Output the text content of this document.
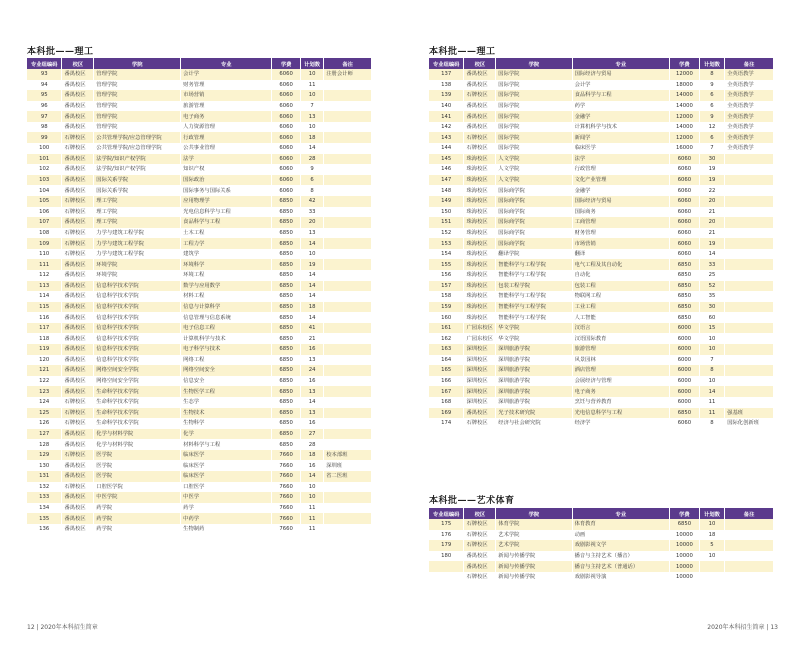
本科批——理工
专业组编码	校区	学院	专业	学费	计划数	备注
93	番禺校区	管理学院	会计学	6060	10	注册会计师
94	番禺校区	管理学院	财务管理	6060	11	
95	番禺校区	管理学院	市场营销	6060	10	
96	番禺校区	管理学院	旅游管理	6060	7	
97	番禺校区	管理学院	电子商务	6060	13	
98	番禺校区	管理学院	人力资源管理	6060	10	
99	石牌校区	公共管理学院/应急管理学院	行政管理	6060	18	
100	石牌校区	公共管理学院/应急管理学院	公共事业管理	6060	14	
101	番禺校区	法学院/知识产权学院	法学	6060	28	
102	番禺校区	法学院/知识产权学院	知识产权	6060	9	
103	番禺校区	国际关系学院	国际政治	6060	6	
104	番禺校区	国际关系学院	国际事务与国际关系	6060	8	
105	石牌校区	理工学院	应用物理学	6850	42	
106	石牌校区	理工学院	光电信息科学与工程	6850	33	
107	番禺校区	理工学院	食品科学与工程	6850	20	
108	石牌校区	力学与建筑工程学院	土木工程	6850	13	
109	石牌校区	力学与建筑工程学院	工程力学	6850	14	
110	石牌校区	力学与建筑工程学院	建筑学	6850	10	
111	番禺校区	环境学院	环境科学	6850	19	
112	番禺校区	环境学院	环境工程	6850	14	
113	番禺校区	信息科学技术学院	数学与应用数学	6850	14	
114	番禺校区	信息科学技术学院	材料工程	6850	14	
115	番禺校区	信息科学技术学院	信息与计算科学	6850	18	
116	番禺校区	信息科学技术学院	信息管理与信息系统	6850	14	
117	番禺校区	信息科学技术学院	电子信息工程	6850	41	
118	番禺校区	信息科学技术学院	计算机科学与技术	6850	21	
119	番禺校区	信息科学技术学院	电子科学与技术	6850	16	
120	番禺校区	信息科学技术学院	网络工程	6850	13	
121	番禺校区	网络空间安全学院	网络空间安全	6850	24	
122	番禺校区	网络空间安全学院	信息安全	6850	16	
123	番禺校区	生命科学技术学院	生物医学工程	6850	13	
124	石牌校区	生命科学技术学院	生态学	6850	14	
125	石牌校区	生命科学技术学院	生物技术	6850	13	
126	石牌校区	生命科学技术学院	生物科学	6850	16	
127	番禺校区	化学与材料学院	化学	6850	27	
128	番禺校区	化学与材料学院	材料科学与工程	6850	28	
129	石牌校区	医学院	临床医学	7660	18	校本部班
130	番禺校区	医学院	临床医学	7660	16	深圳班
131	番禺校区	医学院	临床医学	7660	14	省二医班
132	石牌校区	口腔医学院	口腔医学	7660	10	
133	番禺校区	中医学院	中医学	7660	10	
134	番禺校区	药学院	药学	7660	11	
135	番禺校区	药学院	中药学	7660	11	
136	番禺校区	药学院	生物制药	7660	11	
12 | 2020年本科招生简章
本科批——理工
专业组编码	校区	学院	专业	学费	计划数	备注
137	番禺校区	国际学院	国际经济与贸易	12000	8	全英语教学
138	番禺校区	国际学院	会计学	18000	9	全英语教学
139	石牌校区	国际学院	食品科学与工程	14000	6	全英语教学
140	番禺校区	国际学院	药学	14000	6	全英语教学
141	番禺校区	国际学院	金融学	12000	9	全英语教学
142	番禺校区	国际学院	计算机科学与技术	14000	12	全英语教学
143	石牌校区	国际学院	新闻学	12000	6	全英语教学
144	石牌校区	国际学院	临床医学	16000	7	全英语教学
145	珠海校区	人文学院	法学	6060	30	
146	珠海校区	人文学院	行政管理	6060	19	
147	珠海校区	人文学院	文化产业管理	6060	19	
148	珠海校区	国际商学院	金融学	6060	22	
149	珠海校区	国际商学院	国际经济与贸易	6060	20	
150	珠海校区	国际商学院	国际商务	6060	21	
151	珠海校区	国际商学院	工商管理	6060	20	
152	珠海校区	国际商学院	财务管理	6060	21	
153	珠海校区	国际商学院	市场营销	6060	19	
154	珠海校区	翻译学院	翻译	6060	14	
155	珠海校区	智能科学与工程学院	电气工程及其自动化	6850	33	
156	珠海校区	智能科学与工程学院	自动化	6850	25	
157	珠海校区	包装工程学院	包装工程	6850	52	
158	珠海校区	智能科学与工程学院	物联网工程	6850	35	
159	珠海校区	智能科学与工程学院	工业工程	6850	30	
160	珠海校区	智能科学与工程学院	人工智能	6850	60	
161	广园东校区	华文学院	汉语言	6000	15	
162	广园东校区	华文学院	汉语国际教育	6000	10	
163	深圳校区	深圳旅游学院	旅游管理	6000	10	
164	深圳校区	深圳旅游学院	风景园林	6000	7	
165	深圳校区	深圳旅游学院	酒店管理	6000	8	
166	深圳校区	深圳旅游学院	会展经济与管理	6000	10	
167	深圳校区	深圳旅游学院	电子商务	6000	14	
168	深圳校区	深圳旅游学院	烹饪与营养教育	6000	11	
169	番禺校区	光子技术研究院	光电信息科学与工程	6850	11	强基班
174	石牌校区	经济与社会研究院	经济学	6060	8	国际化创新班
本科批——艺术体育
专业组编码	校区	学院	专业	学费	计划数	备注
175	石牌校区	体育学院	体育教育	6850	10	
176	石牌校区	艺术学院	动画	10000	18	
179	石牌校区	艺术学院	戏剧影视文学	10000	5	
180	番禺校区	新闻与传播学院	播音与主持艺术（播音）	10000	10	
	番禺校区	新闻与传播学院	播音与主持艺术（普通话）	10000		
	石牌校区	新闻与传播学院	戏剧影视导演	10000		
2020年本科招生简章 | 13
